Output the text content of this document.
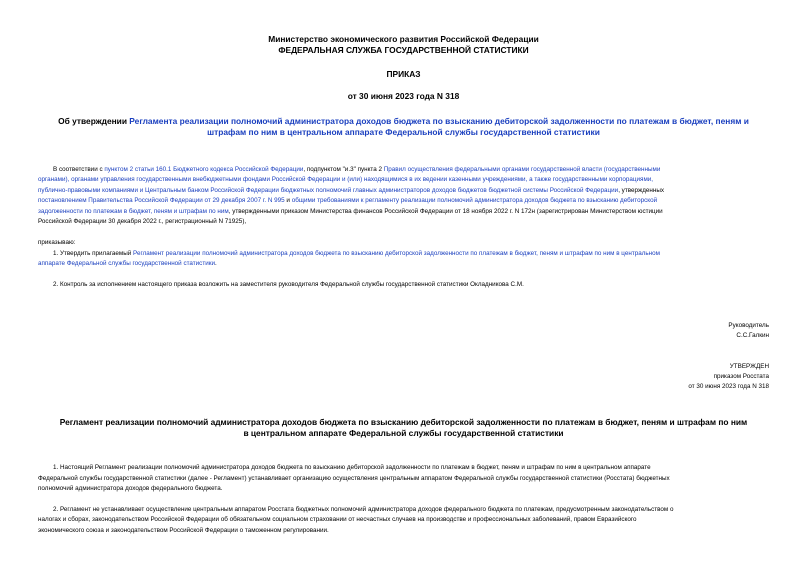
Министерство экономического развития Российской Федерации
ФЕДЕРАЛЬНАЯ СЛУЖБА ГОСУДАРСТВЕННОЙ СТАТИСТИКИ
ПРИКАЗ
от 30 июня 2023 года N 318
Об утверждении Регламента реализации полномочий администратора доходов бюджета по взысканию дебиторской задолженности по платежам в бюджет, пеням и
штрафам по ним в центральном аппарате Федеральной службы государственной статистики
В соответствии с пунктом 2 статьи 160.1 Бюджетного кодекса Российской Федерации, подпунктом "и.3" пункта 2 Правил осуществления федеральными органами государственной власти (государственными
органами), органами управления государственными внебюджетными фондами Российской Федерации и (или) находящимися в их ведении казенными учреждениями, а также государственными корпорациями,
публично-правовыми компаниями и Центральным банком Российской Федерации бюджетных полномочий главных администраторов доходов бюджетов бюджетной системы Российской Федерации, утвержденных
постановлением Правительства Российской Федерации от 29 декабря 2007 г. N 995 и общими требованиями к регламенту реализации полномочий администратора доходов бюджета по взысканию дебиторской
задолженности по платежам в бюджет, пеням и штрафам по ним, утвержденными приказом Министерства финансов Российской Федерации от 18 ноября 2022 г. N 172н (зарегистрирован Министерством юстиции
Российской Федерации 30 декабря 2022 г., регистрационный N 71925),
приказываю:
1. Утвердить прилагаемый Регламент реализации полномочий администратора доходов бюджета по взысканию дебиторской задолженности по платежам в бюджет, пеням и штрафам по ним в центральном
аппарате Федеральной службы государственной статистики.
2. Контроль за исполнением настоящего приказа возложить на заместителя руководителя Федеральной службы государственной статистики Окладникова С.М.
Руководитель
С.С.Галкин
УТВЕРЖДЕН
приказом Росстата
от 30 июня 2023 года N 318
Регламент реализации полномочий администратора доходов бюджета по взысканию дебиторской задолженности по платежам в бюджет, пеням и штрафам по ним
в центральном аппарате Федеральной службы государственной статистики
1. Настоящий Регламент реализации полномочий администратора доходов бюджета по взысканию дебиторской задолженности по платежам в бюджет, пеням и штрафам по ним в центральном аппарате
Федеральной службы государственной статистики (далее - Регламент) устанавливает организацию осуществления центральным аппаратом Федеральной службы государственной статистики (Росстата) бюджетных
полномочий администратора доходов федерального бюджета.
2. Регламент не устанавливает осуществление центральным аппаратом Росстата бюджетных полномочий администратора доходов федерального бюджета по платежам, предусмотренным законодательством о
налогах и сборах, законодательством Российской Федерации об обязательном социальном страховании от несчастных случаев на производстве и профессиональных заболеваний, правом Евразийского
экономического союза и законодательством Российской Федерации о таможенном регулировании.
